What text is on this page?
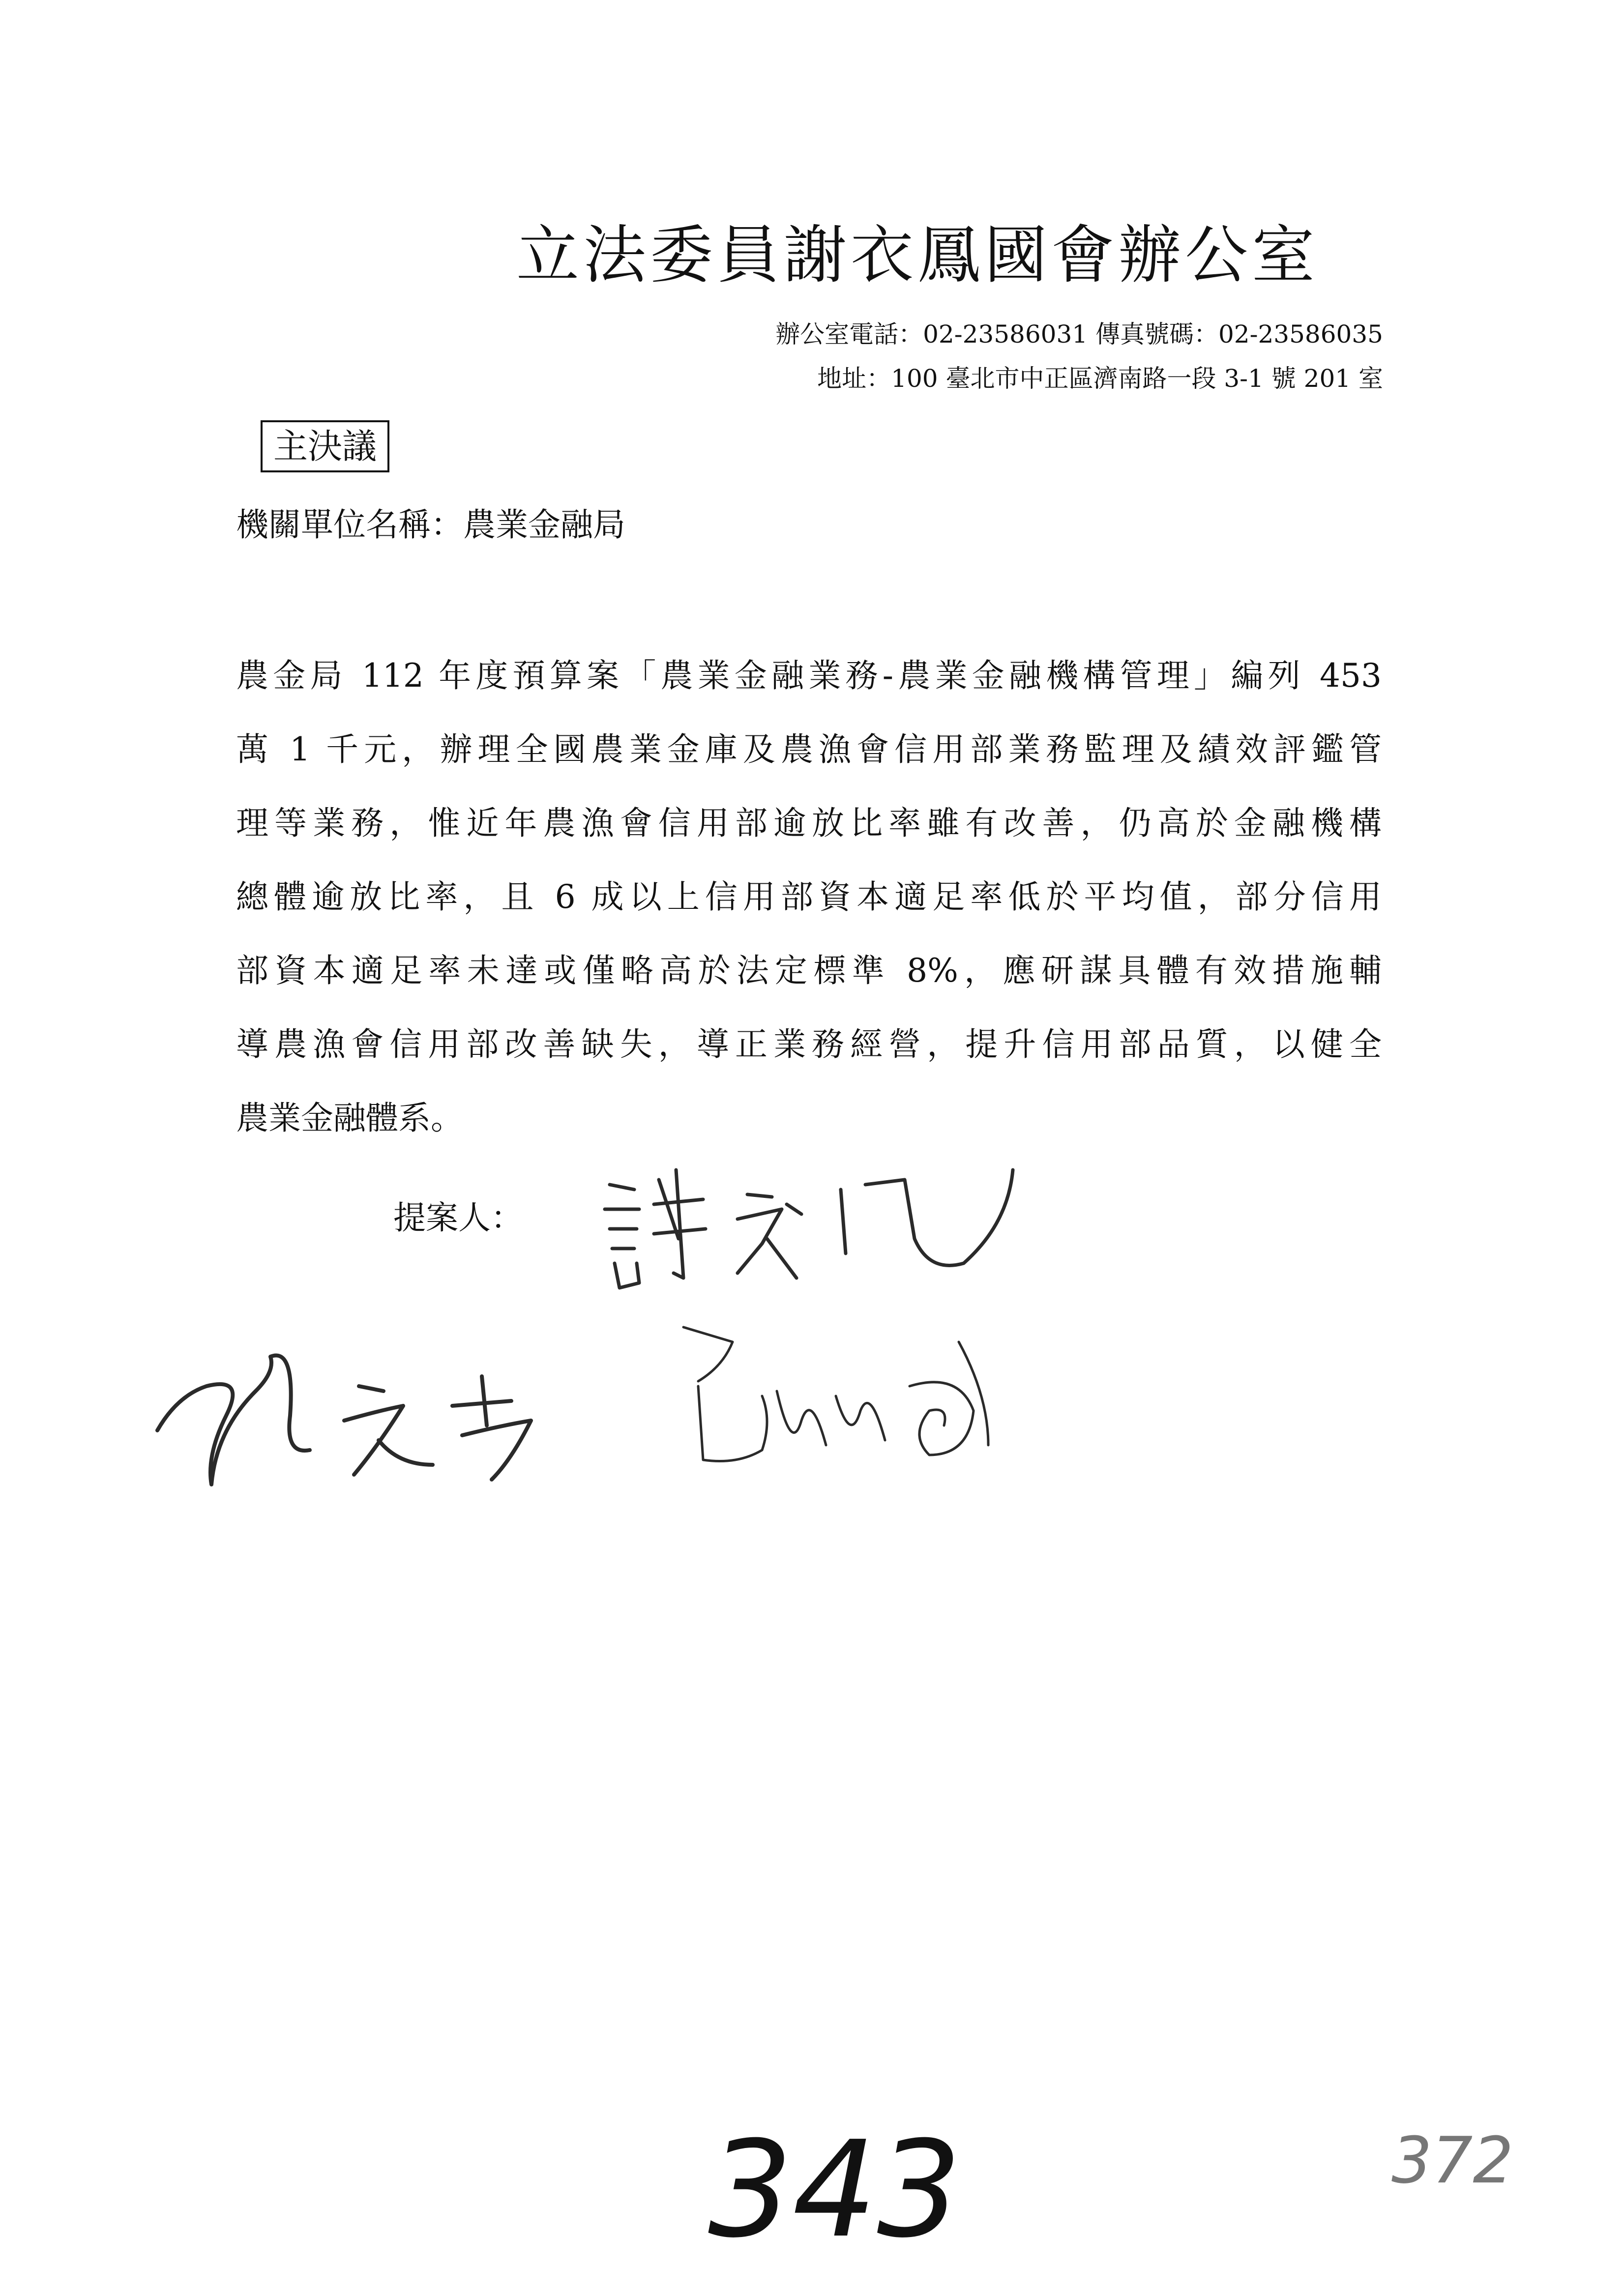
立法委員謝衣鳳國會辦公室
辦公室電話：02-23586031 傳真號碼：02-23586035
地址：100 臺北市中正區濟南路一段 3-1 號 201 室
主決議
機關單位名稱：農業金融局
農金局 112 年度預算案「農業金融業務-農業金融機構管理」編列 453
萬 1 千元，辦理全國農業金庫及農漁會信用部業務監理及績效評鑑管
理等業務，惟近年農漁會信用部逾放比率雖有改善，仍高於金融機構
總體逾放比率，且 6 成以上信用部資本適足率低於平均值，部分信用
部資本適足率未達或僅略高於法定標準 8%，應研謀具體有效措施輔
導農漁會信用部改善缺失，導正業務經營，提升信用部品質，以健全
農業金融體系。
提案人：
343	372
